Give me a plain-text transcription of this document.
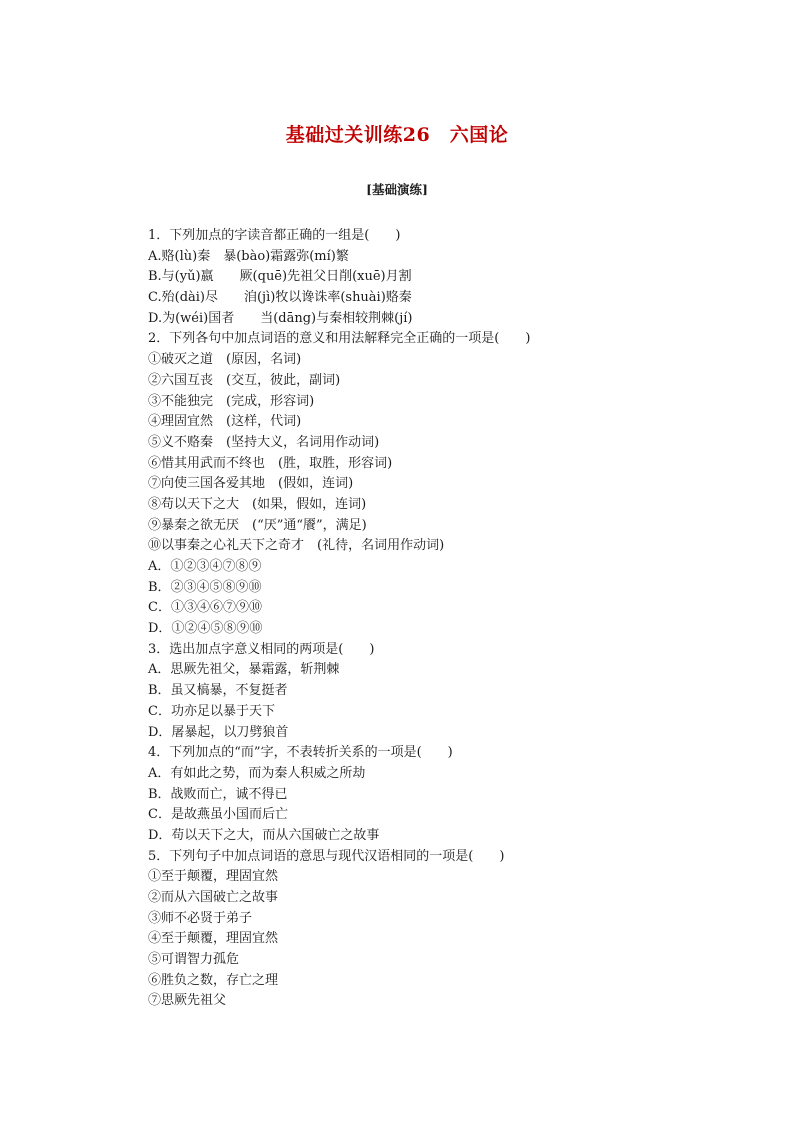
基础过关训练26　六国论
[基础演练]
1．下列加点的字读音都正确的一组是(　　)
A.赂(lù)秦　暴(bào)霜露弥(mí)繁
B.与(yǔ)嬴　　厥(quē)先祖父日削(xuē)月割
C.殆(dài)尽　　洎(jì)牧以谗诛率(shuài)赂秦
D.为(wéi)国者　　当(dāng)与秦相较荆棘(jí)
2．下列各句中加点词语的意义和用法解释完全正确的一项是(　　)
①破灭之道　(原因，名词)
②六国互丧　(交互，彼此，副词)
③不能独完　(完成，形容词)
④理固宜然　(这样，代词)
⑤义不赂秦　(坚持大义，名词用作动词)
⑥惜其用武而不终也　(胜，取胜，形容词)
⑦向使三国各爱其地　(假如，连词)
⑧苟以天下之大　(如果，假如，连词)
⑨暴秦之欲无厌　(“厌”通“餍”，满足)
⑩以事秦之心礼天下之奇才　(礼待，名词用作动词)
A．①②③④⑦⑧⑨
B．②③④⑤⑧⑨⑩
C．①③④⑥⑦⑨⑩
D．①②④⑤⑧⑨⑩
3．选出加点字意义相同的两项是(　　)
A．思厥先祖父，暴霜露，斩荆棘
B．虽又槁暴，不复挺者
C．功亦足以暴于天下
D．屠暴起，以刀劈狼首
4．下列加点的“而”字，不表转折关系的一项是(　　)
A．有如此之势，而为秦人积威之所劫
B．战败而亡，诚不得已
C．是故燕虽小国而后亡
D．苟以天下之大，而从六国破亡之故事
5．下列句子中加点词语的意思与现代汉语相同的一项是(　　)
①至于颠覆，理固宜然
②而从六国破亡之故事
③师不必贤于弟子
④至于颠覆，理固宜然
⑤可谓智力孤危
⑥胜负之数，存亡之理
⑦思厥先祖父
